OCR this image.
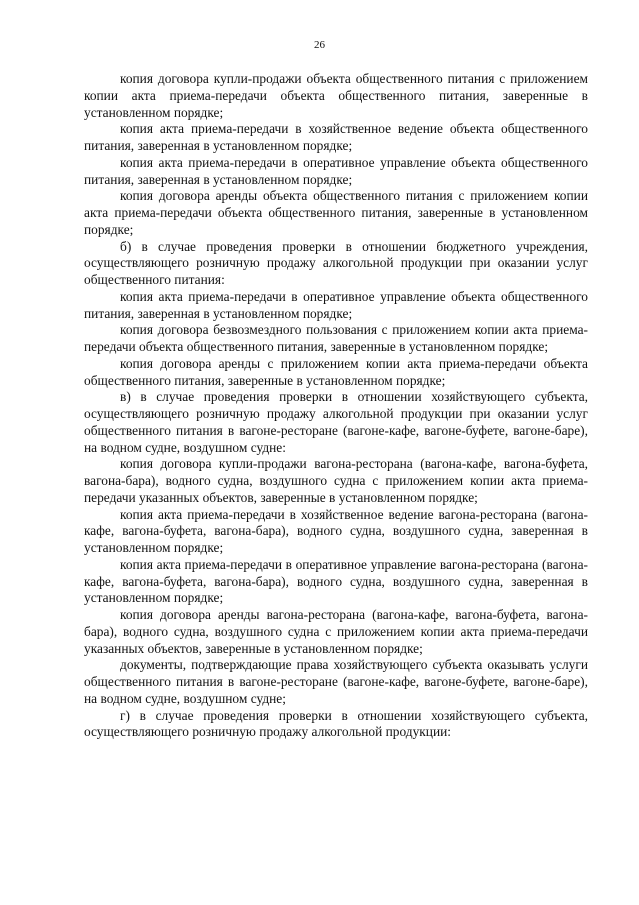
26

копия договора купли-продажи объекта общественного питания с приложением копии акта приема-передачи объекта общественного питания, заверенные в установленном порядке;

копия акта приема-передачи в хозяйственное ведение объекта общественного питания, заверенная в установленном порядке;

копия акта приема-передачи в оперативное управление объекта общественного питания, заверенная в установленном порядке;

копия договора аренды объекта общественного питания с приложением копии акта приема-передачи объекта общественного питания, заверенные в установленном порядке;

б) в случае проведения проверки в отношении бюджетного учреждения, осуществляющего розничную продажу алкогольной продукции при оказании услуг общественного питания:

копия акта приема-передачи в оперативное управление объекта общественного питания, заверенная в установленном порядке;

копия договора безвозмездного пользования с приложением копии акта приема-передачи объекта общественного питания, заверенные в установленном порядке;

копия договора аренды с приложением копии акта приема-передачи объекта общественного питания, заверенные в установленном порядке;

в) в случае проведения проверки в отношении хозяйствующего субъекта, осуществляющего розничную продажу алкогольной продукции при оказании услуг общественного питания в вагоне-ресторане (вагоне-кафе, вагоне-буфете, вагоне-баре), на водном судне, воздушном судне:

копия договора купли-продажи вагона-ресторана (вагона-кафе, вагона-буфета, вагона-бара), водного судна, воздушного судна с приложением копии акта приема-передачи указанных объектов, заверенные в установленном порядке;

копия акта приема-передачи в хозяйственное ведение вагона-ресторана (вагона-кафе, вагона-буфета, вагона-бара), водного судна, воздушного судна, заверенная в установленном порядке;

копия акта приема-передачи в оперативное управление вагона-ресторана (вагона-кафе, вагона-буфета, вагона-бара), водного судна, воздушного судна, заверенная в установленном порядке;

копия договора аренды вагона-ресторана (вагона-кафе, вагона-буфета, вагона-бара), водного судна, воздушного судна с приложением копии акта приема-передачи указанных объектов, заверенные в установленном порядке;

документы, подтверждающие права хозяйствующего субъекта оказывать услуги общественного питания в вагоне-ресторане (вагоне-кафе, вагоне-буфете, вагоне-баре), на водном судне, воздушном судне;

г) в случае проведения проверки в отношении хозяйствующего субъекта, осуществляющего розничную продажу алкогольной продукции:
